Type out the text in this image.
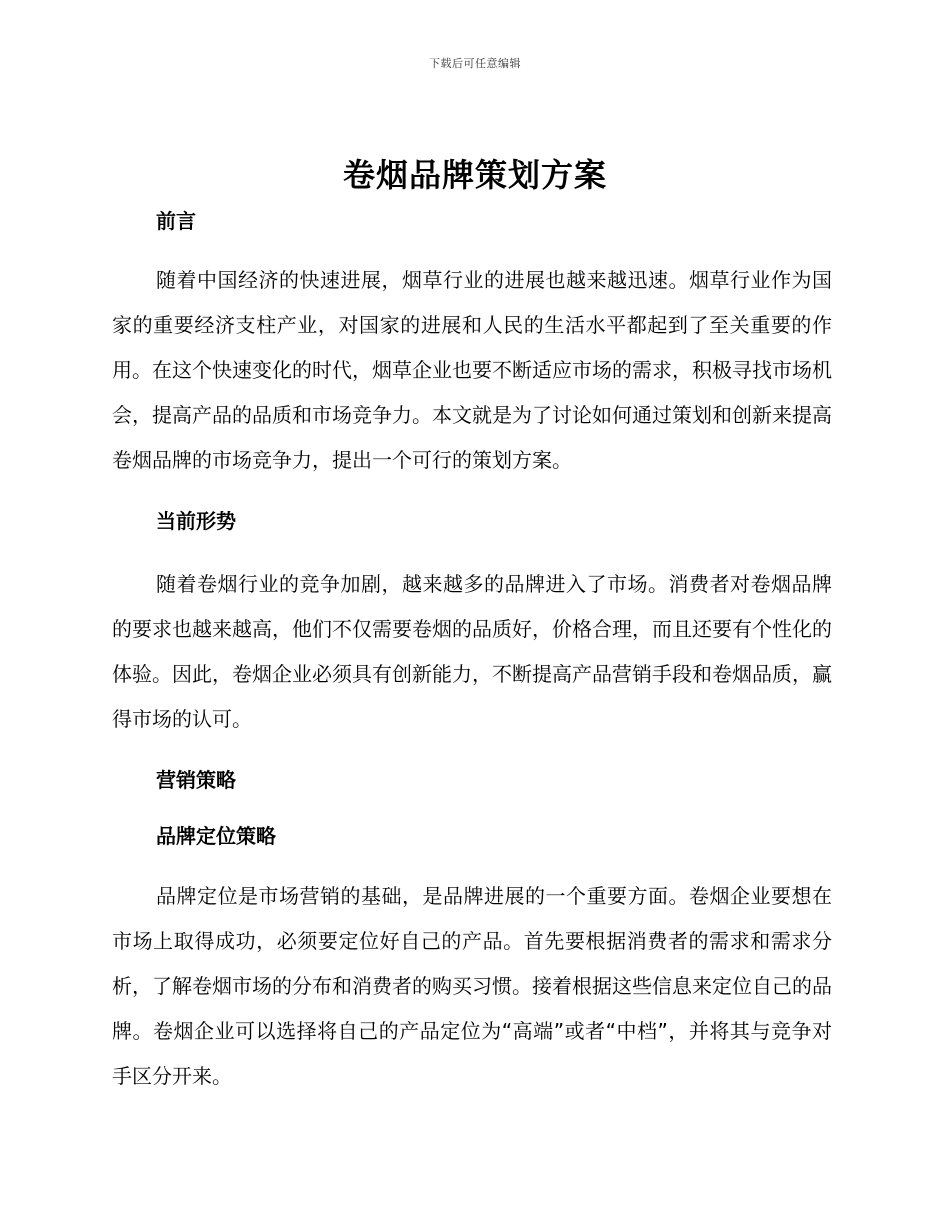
下载后可任意编辑
卷烟品牌策划方案

前言

随着中国经济的快速进展，烟草行业的进展也越来越迅速。烟草行业作为国家的重要经济支柱产业，对国家的进展和人民的生活水平都起到了至关重要的作用。在这个快速变化的时代，烟草企业也要不断适应市场的需求，积极寻找市场机会，提高产品的品质和市场竞争力。本文就是为了讨论如何通过策划和创新来提高卷烟品牌的市场竞争力，提出一个可行的策划方案。

当前形势

随着卷烟行业的竞争加剧，越来越多的品牌进入了市场。消费者对卷烟品牌的要求也越来越高，他们不仅需要卷烟的品质好，价格合理，而且还要有个性化的体验。因此，卷烟企业必须具有创新能力，不断提高产品营销手段和卷烟品质，赢得市场的认可。

营销策略

品牌定位策略

品牌定位是市场营销的基础，是品牌进展的一个重要方面。卷烟企业要想在市场上取得成功，必须要定位好自己的产品。首先要根据消费者的需求和需求分析，了解卷烟市场的分布和消费者的购买习惯。接着根据这些信息来定位自己的品牌。卷烟企业可以选择将自己的产品定位为“高端”或者“中档”，并将其与竞争对手区分开来。
